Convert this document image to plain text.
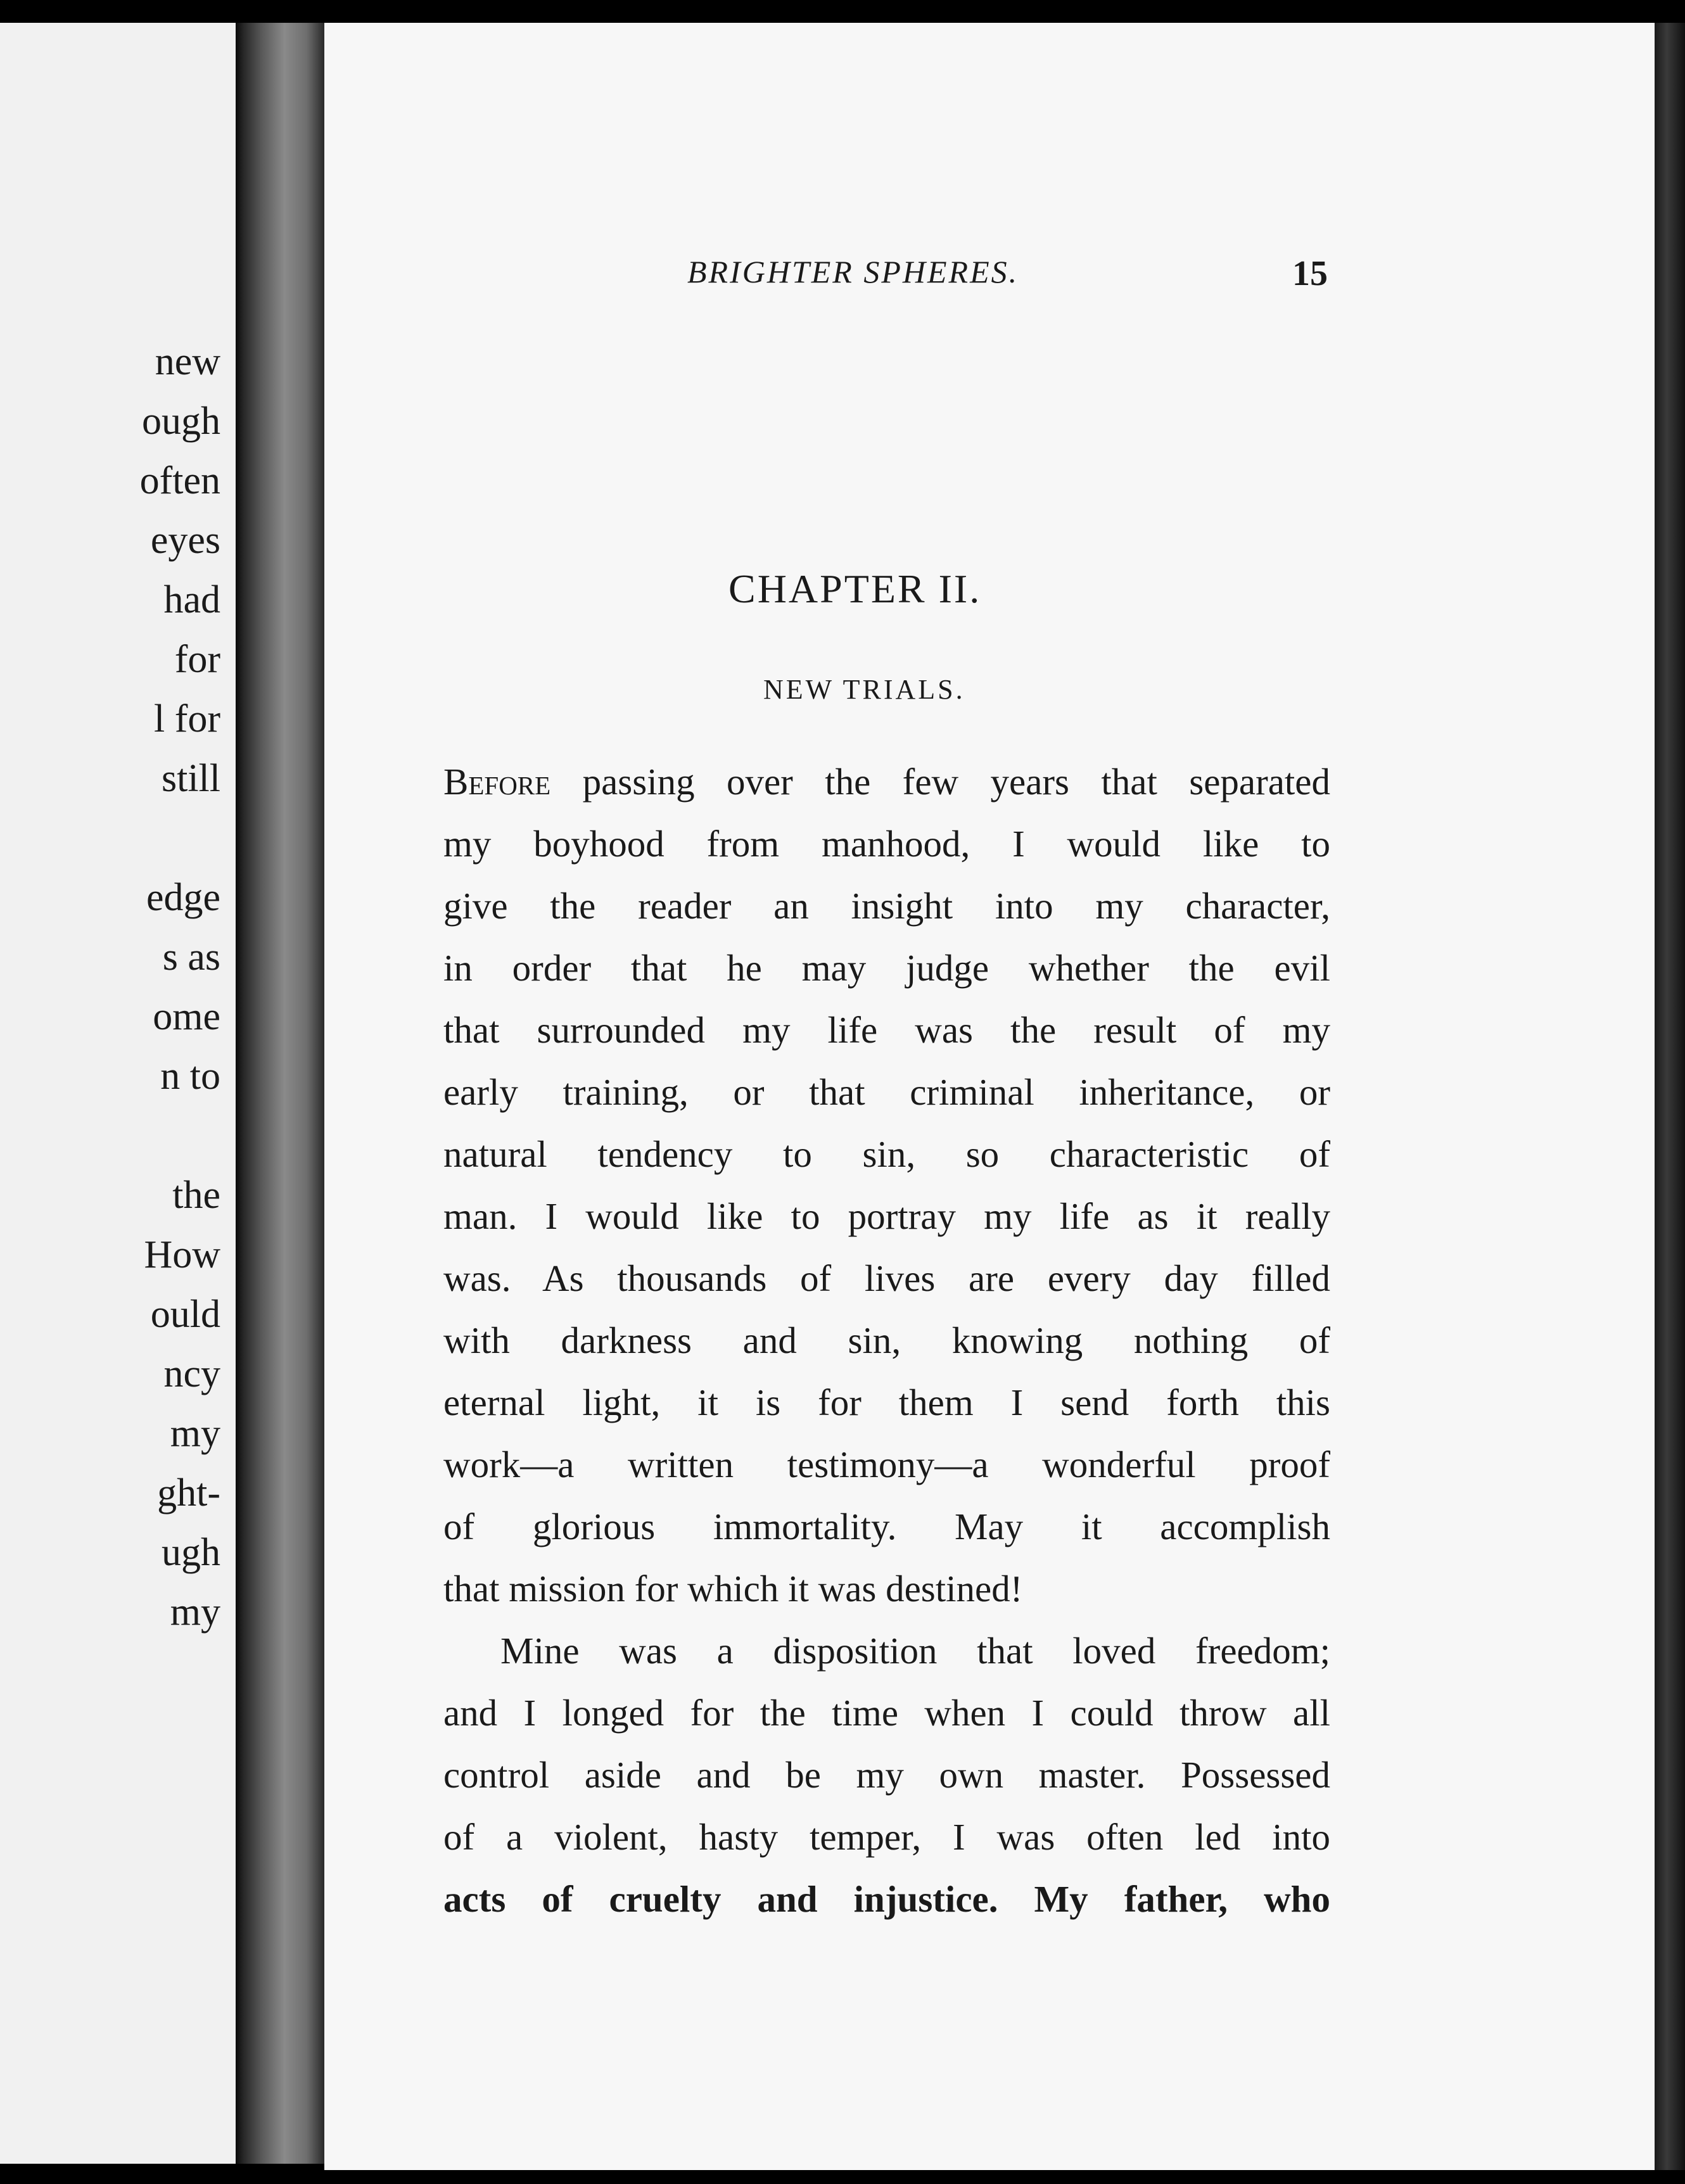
new
ough
often
eyes
had
for
l for
still
edge
s as
ome
n to
the
How
ould
ncy
my
ght-
ugh
my
BRIGHTER SPHERES.	15
CHAPTER II.
NEW TRIALS.
Before passing over the few years that separated
my boyhood from manhood, I would like to
give the reader an insight into my character,
in order that he may judge whether the evil
that surrounded my life was the result of my
early training, or that criminal inheritance, or
natural tendency to sin, so characteristic of
man. I would like to portray my life as it really
was. As thousands of lives are every day filled
with darkness and sin, knowing nothing of
eternal light, it is for them I send forth this
work—a written testimony—a wonderful proof
of glorious immortality. May it accomplish
that mission for which it was destined!
Mine was a disposition that loved freedom;
and I longed for the time when I could throw all
control aside and be my own master. Possessed
of a violent, hasty temper, I was often led into
acts of cruelty and injustice. My father, who
